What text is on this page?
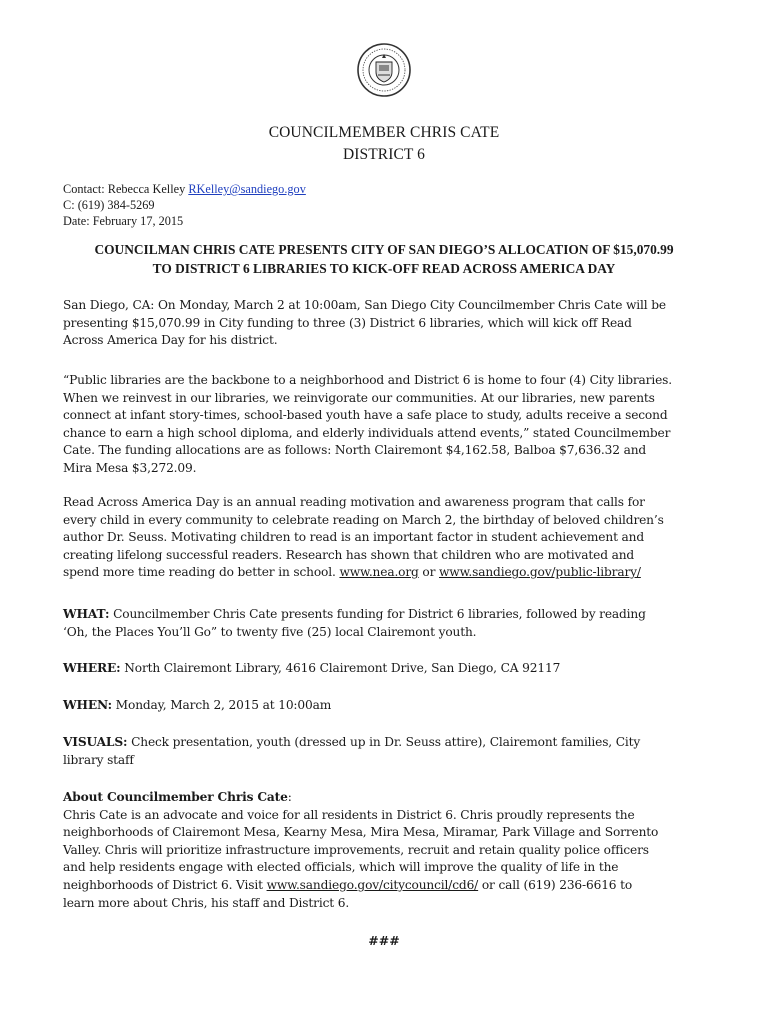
COUNCILMEMBER CHRIS CATE
DISTRICT 6
Contact: Rebecca Kelley RKelley@sandiego.gov
C: (619) 384-5269
Date: February 17, 2015
COUNCILMAN CHRIS CATE PRESENTS CITY OF SAN DIEGO’S ALLOCATION OF $15,070.99
TO DISTRICT 6 LIBRARIES TO KICK-OFF READ ACROSS AMERICA DAY
San Diego, CA: On Monday, March 2 at 10:00am, San Diego City Councilmember Chris Cate will be
presenting $15,070.99 in City funding to three (3) District 6 libraries, which will kick off Read
Across America Day for his district.
“Public libraries are the backbone to a neighborhood and District 6 is home to four (4) City libraries.
When we reinvest in our libraries, we reinvigorate our communities. At our libraries, new parents
connect at infant story-times, school-based youth have a safe place to study, adults receive a second
chance to earn a high school diploma, and elderly individuals attend events,” stated Councilmember
Cate. The funding allocations are as follows: North Clairemont $4,162.58, Balboa $7,636.32 and
Mira Mesa $3,272.09.
Read Across America Day is an annual reading motivation and awareness program that calls for
every child in every community to celebrate reading on March 2, the birthday of beloved children’s
author Dr. Seuss. Motivating children to read is an important factor in student achievement and
creating lifelong successful readers. Research has shown that children who are motivated and
spend more time reading do better in school. www.nea.org or www.sandiego.gov/public-library/
WHAT: Councilmember Chris Cate presents funding for District 6 libraries, followed by reading
‘Oh, the Places You’ll Go” to twenty five (25) local Clairemont youth.
WHERE: North Clairemont Library, 4616 Clairemont Drive, San Diego, CA 92117
WHEN: Monday, March 2, 2015 at 10:00am
VISUALS: Check presentation, youth (dressed up in Dr. Seuss attire), Clairemont families, City
library staff
About Councilmember Chris Cate:
Chris Cate is an advocate and voice for all residents in District 6. Chris proudly represents the
neighborhoods of Clairemont Mesa, Kearny Mesa, Mira Mesa, Miramar, Park Village and Sorrento
Valley. Chris will prioritize infrastructure improvements, recruit and retain quality police officers
and help residents engage with elected officials, which will improve the quality of life in the
neighborhoods of District 6. Visit www.sandiego.gov/citycouncil/cd6/ or call (619) 236-6616 to
learn more about Chris, his staff and District 6.
###
